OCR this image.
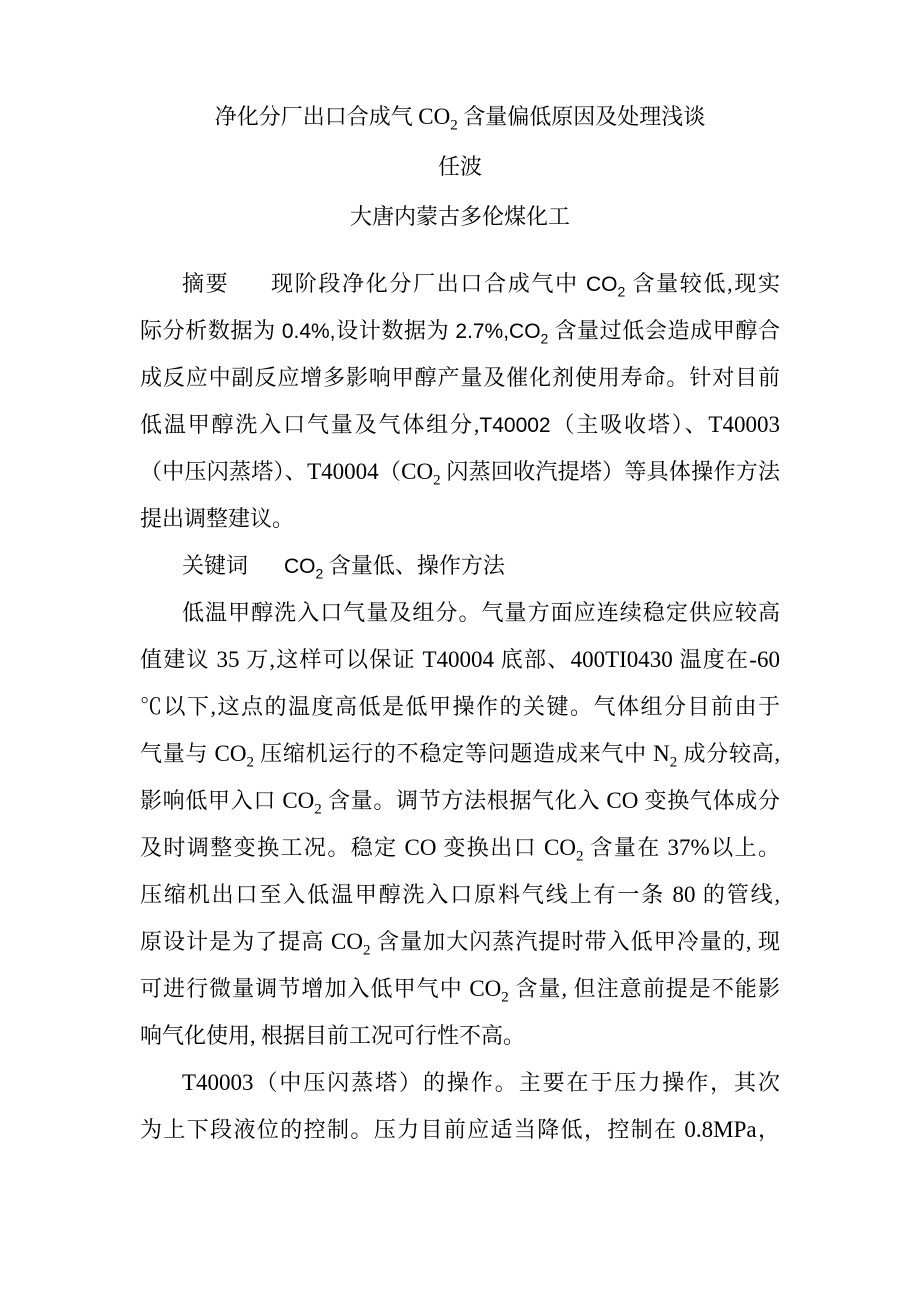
净化分厂出口合成气 $CO_2$ 含量偏低原因及处理浅谈
任波
大唐内蒙古多伦煤化工
摘要 现阶段净化分厂出口合成气中 $CO_2$ 含量较低,现实
际分析数据为 0.4%,设计数据为 $2.7\%,CO_2$ 含量过低会造成甲醇合
成反应中副反应增多影响甲醇产量及催化剂使用寿命。针对目前
低温甲醇洗入口气量及气体组分,T40002（主吸收塔）、T40003
（中压闪蒸塔）、$T40004(CO_2$ 闪蒸回收汽提塔）等具体操作方法
提出调整建议。
关键词 $CO_2$ 含量低、操作方法
低温甲醇洗入口气量及组分。气量方面应连续稳定供应较高
值建议 35 万,这样可以保证 T40004 底部、400TI0430 温度在-60
℃以下,这点的温度高低是低甲操作的关键。气体组分目前由于
气量与 $CO_2$ 压缩机运行的不稳定等问题造成来气中 $N_2$ 成分较高,
影响低甲入口 $CO_2$ 含量。调节方法根据气化入 CO 变换气体成分
及时调整变换工况。稳定 CO 变换出口 $CO_2$ 含量在 37%以上。
压缩机出口至入低温甲醇洗入口原料气线上有一条 80 的管线,
原设计是为了提高 $CO_2$ 含量加大闪蒸汽提时带入低甲冷量的, 现
可进行微量调节增加入低甲气中 $CO_2$ 含量, 但注意前提是不能影
响气化使用, 根据目前工况可行性不高。
T40003（中压闪蒸塔）的操作。主要在于压力操作，其次
为上下段液位的控制。压力目前应适当降低，控制在 0.8MPa，
